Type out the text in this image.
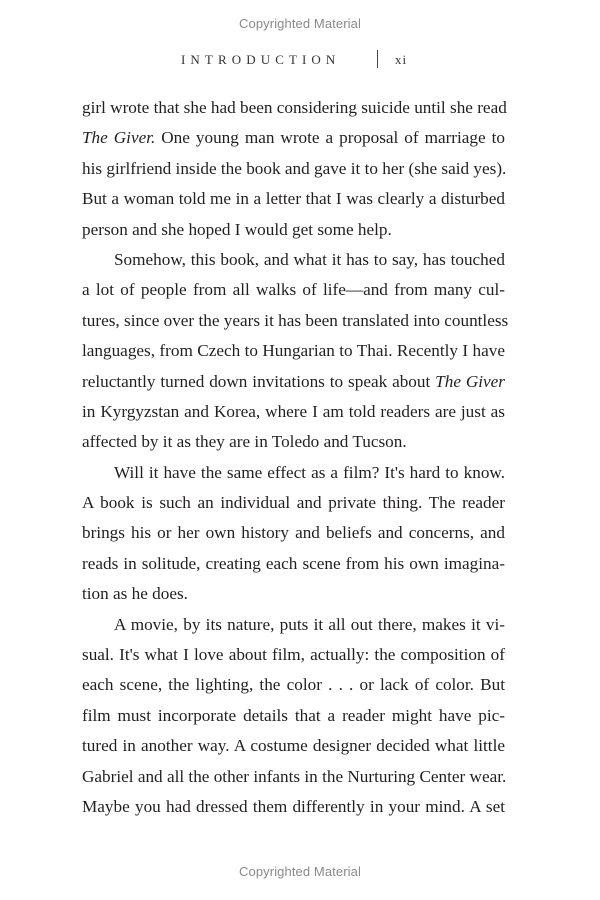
Copyrighted Material
INTRODUCTION	xi
girl wrote that she had been considering suicide until she read
The Giver. One young man wrote a proposal of marriage to
his girlfriend inside the book and gave it to her (she said yes).
But a woman told me in a letter that I was clearly a disturbed
person and she hoped I would get some help.
Somehow, this book, and what it has to say, has touched
a lot of people from all walks of life—and from many cul-
tures, since over the years it has been translated into countless
languages, from Czech to Hungarian to Thai. Recently I have
reluctantly turned down invitations to speak about The Giver
in Kyrgyzstan and Korea, where I am told readers are just as
affected by it as they are in Toledo and Tucson.
Will it have the same effect as a film? It's hard to know.
A book is such an individual and private thing. The reader
brings his or her own history and beliefs and concerns, and
reads in solitude, creating each scene from his own imagina-
tion as he does.
A movie, by its nature, puts it all out there, makes it vi-
sual. It's what I love about film, actually: the composition of
each scene, the lighting, the color . . . or lack of color. But
film must incorporate details that a reader might have pic-
tured in another way. A costume designer decided what little
Gabriel and all the other infants in the Nurturing Center wear.
Maybe you had dressed them differently in your mind. A set
Copyrighted Material
